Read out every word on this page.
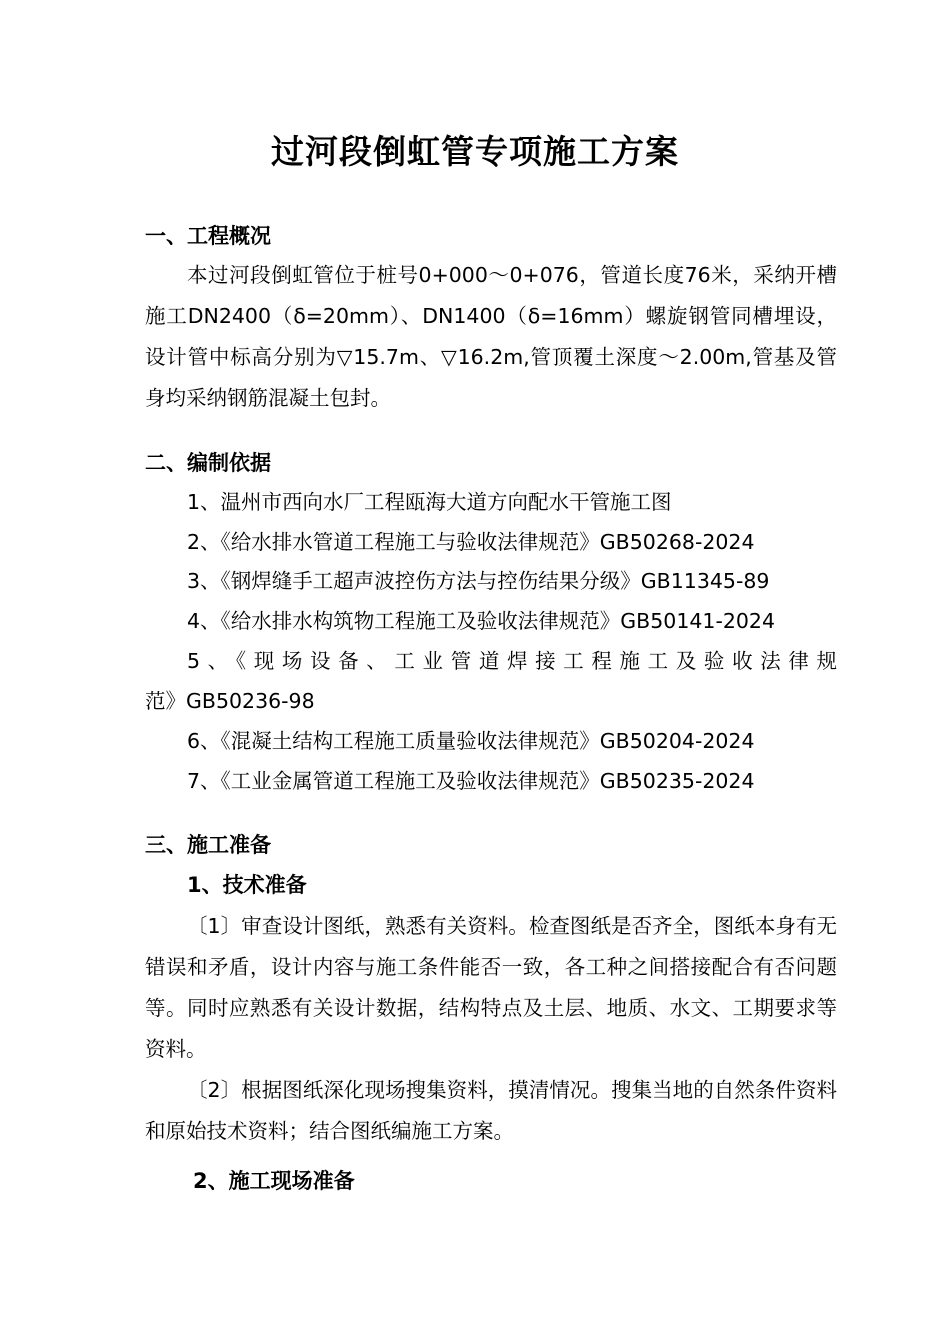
过河段倒虹管专项施工方案
一、工程概况

本过河段倒虹管位于桩号0+000～0+076，管道长度76米，采纳开槽施工DN2400（δ=20mm）、DN1400（δ=16mm）螺旋钢管同槽埋设，设计管中标高分别为▽15.7m、▽16.2m,管顶覆土深度～2.00m,管基及管身均采纳钢筋混凝土包封。

二、编制依据
1、温州市西向水厂工程瓯海大道方向配水干管施工图
2、《给水排水管道工程施工与验收法律规范》GB50268-2024
3、《钢焊缝手工超声波控伤方法与控伤结果分级》GB11345-89
4、《给水排水构筑物工程施工及验收法律规范》GB50141-2024
5、《现场设备、工业管道焊接工程施工及验收法律规
范》GB50236-98
6、《混凝土结构工程施工质量验收法律规范》GB50204-2024
7、《工业金属管道工程施工及验收法律规范》GB50235-2024
三、施工准备
1、技术准备

〔1〕审查设计图纸，熟悉有关资料。检查图纸是否齐全，图纸本身有无错误和矛盾，设计内容与施工条件能否一致，各工种之间搭接配合有否问题等。同时应熟悉有关设计数据，结构特点及土层、地质、水文、工期要求等资料。

〔2〕根据图纸深化现场搜集资料，摸清情况。搜集当地的自然条件资料和原始技术资料；结合图纸编施工方案。

2、施工现场准备
